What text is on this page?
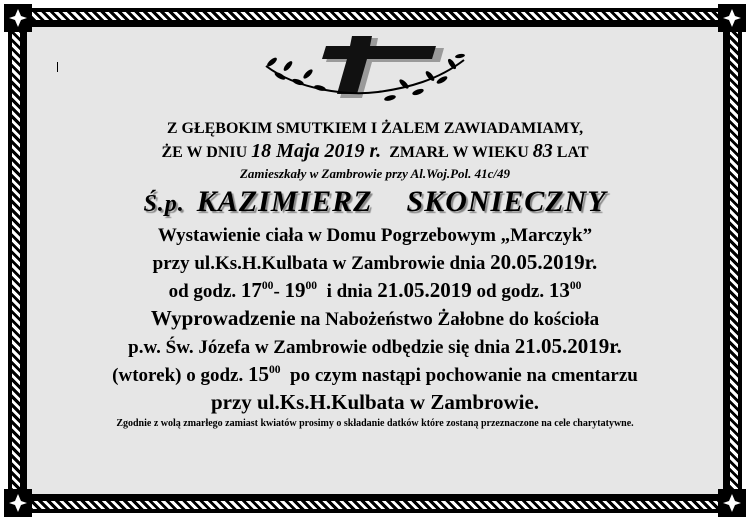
Z GŁĘBOKIM SMUTKIEM I ŻALEM ZAWIADAMIAMY,
ŻE W DNIU 18 Maja 2019 r. ZMARŁ W WIEKU 83 LAT
Zamieszkały w Zambrowie przy Al.Woj.Pol. 41c/49
Ś.p. KAZIMIERZ SKONIECZNY
Wystawienie ciała w Domu Pogrzebowym „Marczyk”
przy ul.Ks.H.Kulbata w Zambrowie dnia 20.05.2019r.
od godz. $17^{00}-$ $19^{00}$ i dnia 21.05.2019 od godz. $13^{00}$
Wyprowadzenie na Nabożeństwo Żałobne do kościoła
p.w. Św. Józefa w Zambrowie odbędzie się dnia 21.05.2019r.
(wtorek) o godz. $15^{00}$ po czym nastąpi pochowanie na cmentarzu
przy ul.Ks.H.Kulbata w Zambrowie.
Zgodnie z wolą zmarłego zamiast kwiatów prosimy o składanie datków które zostaną przeznaczone na cele charytatywne.
